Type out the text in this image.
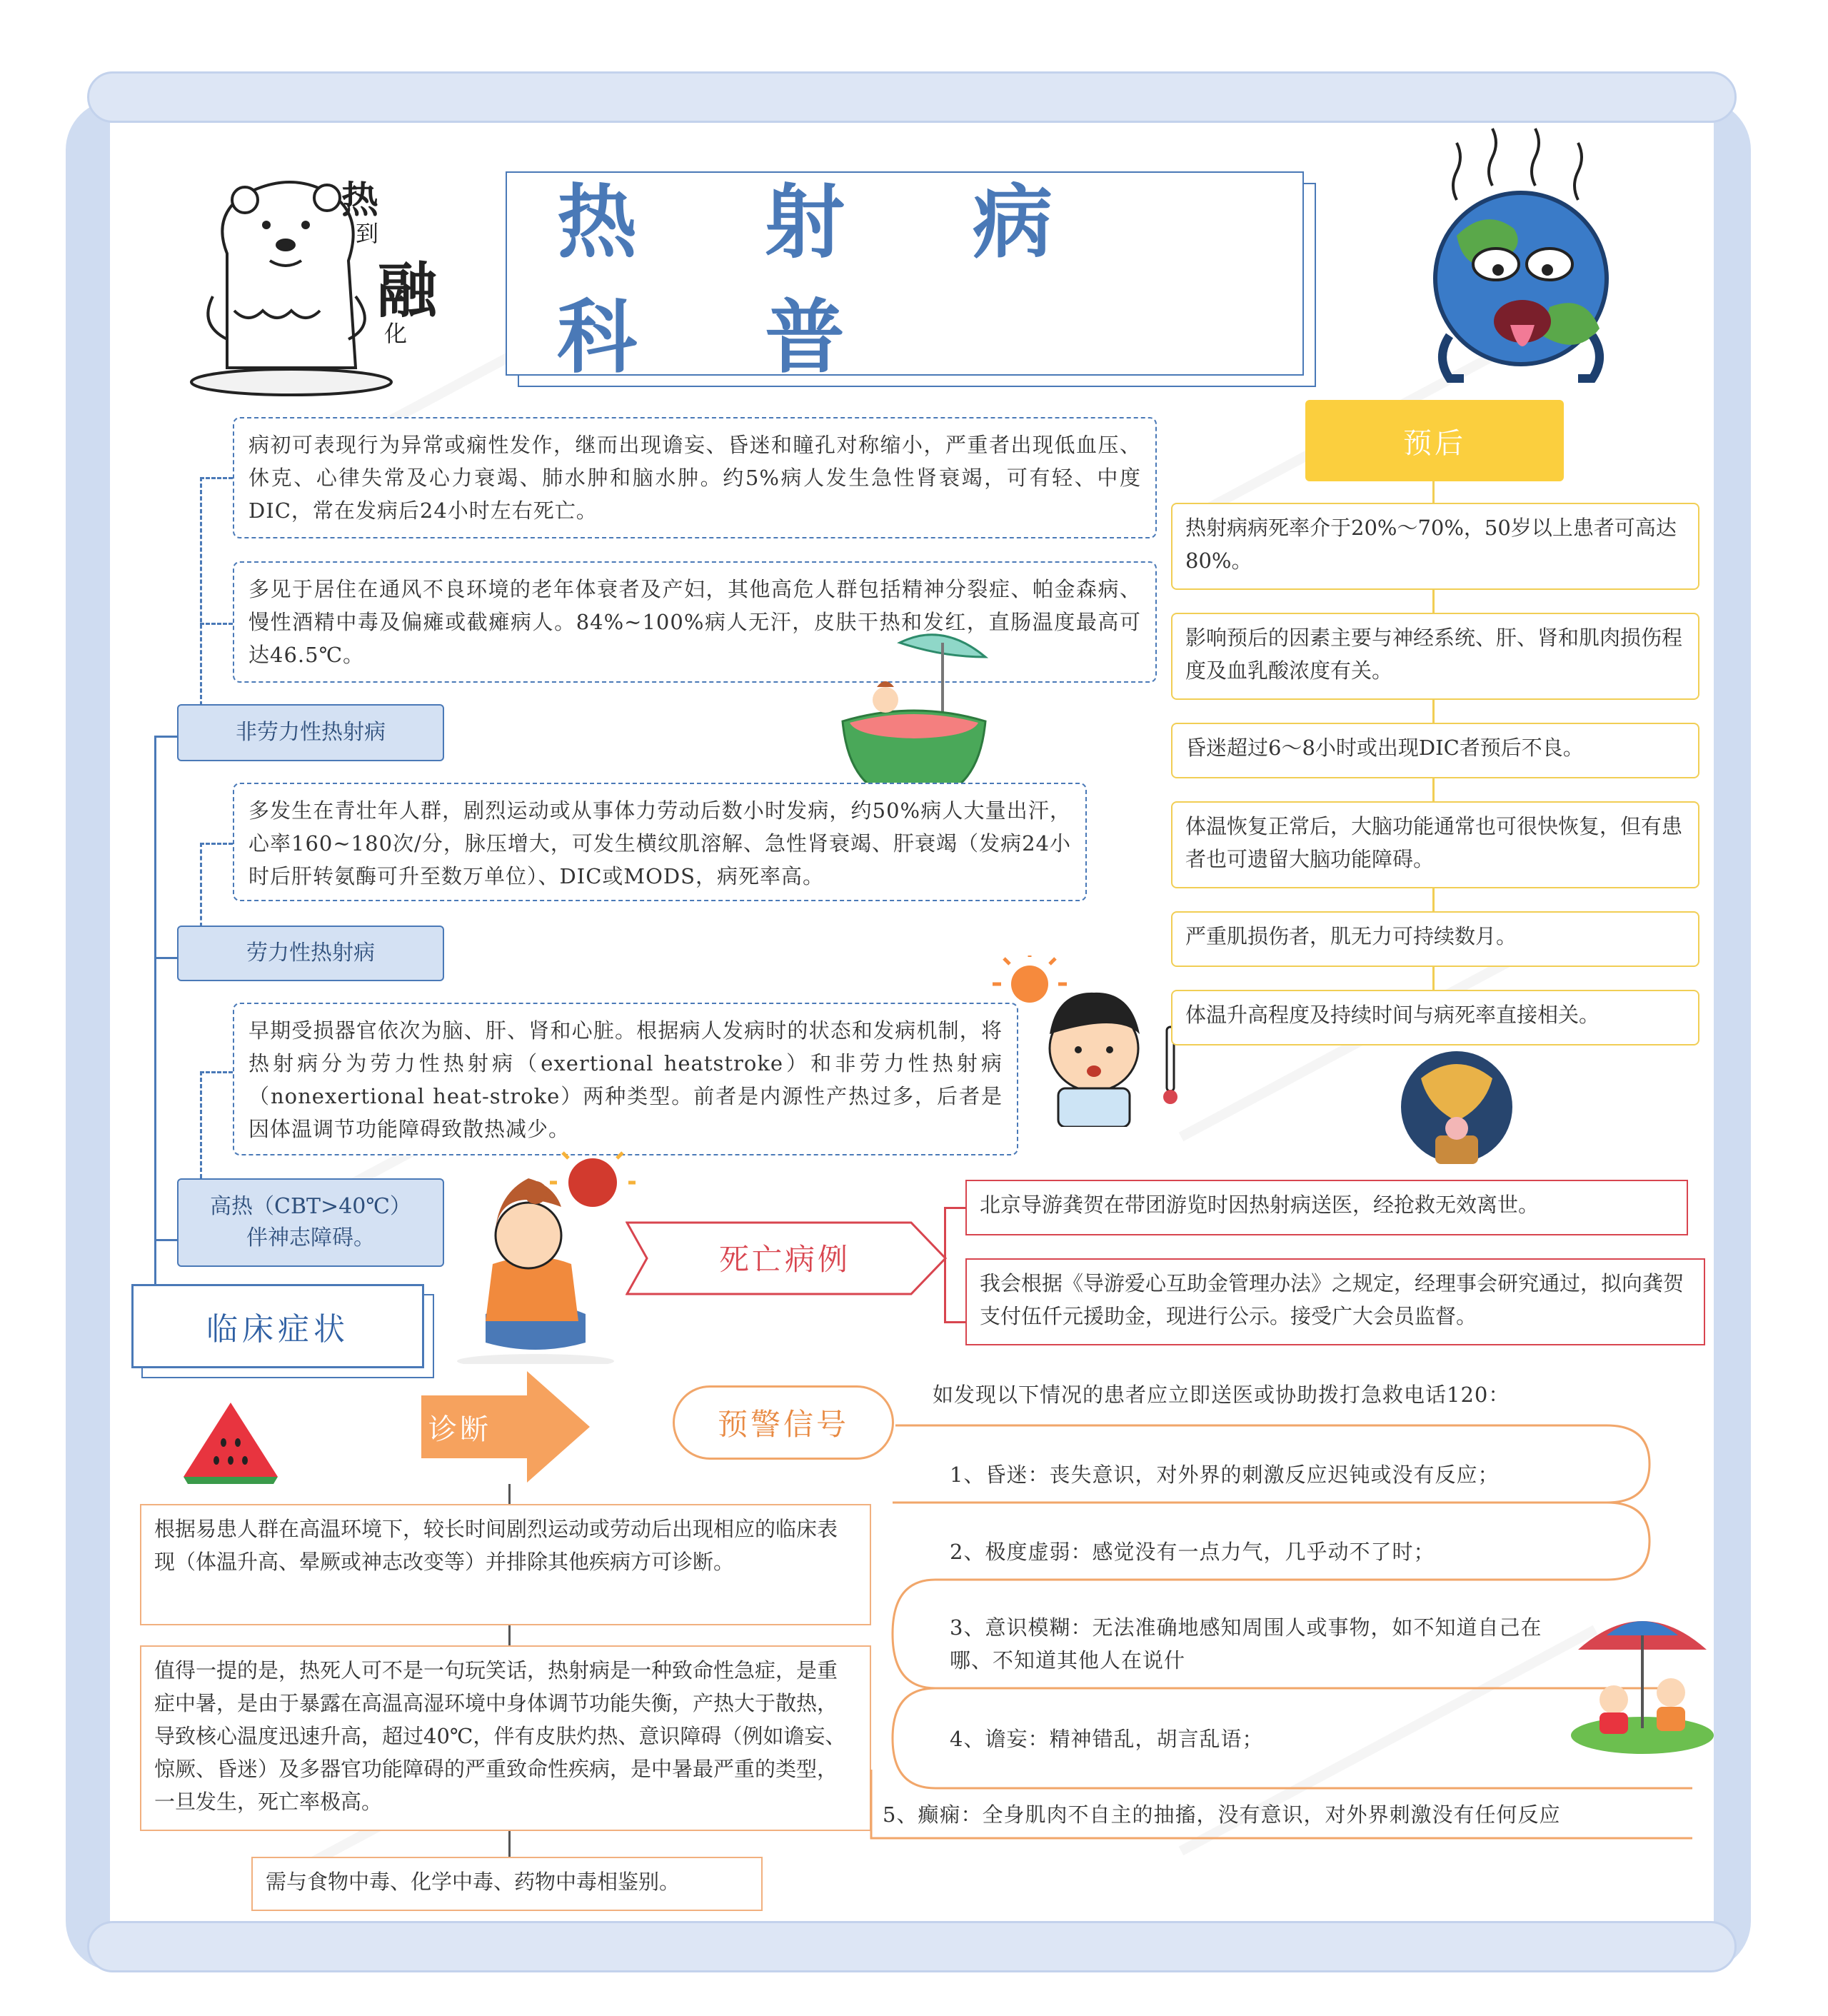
热
到
融
化
热 射 病 科 普
病初可表现行为异常或痫性发作，继而出现谵妄、昏迷和瞳孔对称缩小，严重者出现低血压、休克、心律失常及心力衰竭、肺水肿和脑水肿。约5%病人发生急性肾衰竭，可有轻、中度DIC，常在发病后24小时左右死亡。
多见于居住在通风不良环境的老年体衰者及产妇，其他高危人群包括精神分裂症、帕金森病、慢性酒精中毒及偏瘫或截瘫病人。84%~100%病人无汗，皮肤干热和发红，直肠温度最高可达46.5℃。
非劳力性热射病
多发生在青壮年人群，剧烈运动或从事体力劳动后数小时发病，约50%病人大量出汗，心率160~180次/分，脉压增大，可发生横纹肌溶解、急性肾衰竭、肝衰竭（发病24小时后肝转氨酶可升至数万单位）、DIC或MODS，病死率高。
劳力性热射病
早期受损器官依次为脑、肝、肾和心脏。根据病人发病时的状态和发病机制，将热射病分为劳力性热射病（exertional heatstroke）和非劳力性热射病（nonexertional heat-stroke）两种类型。前者是内源性产热过多，后者是因体温调节功能障碍致散热减少。
高热（CBT>40℃）伴神志障碍。
临床症状
预后
热射病病死率介于20%～70%，50岁以上患者可高达80%。
影响预后的因素主要与神经系统、肝、肾和肌肉损伤程度及血乳酸浓度有关。
昏迷超过6～8小时或出现DIC者预后不良。
体温恢复正常后，大脑功能通常也可很快恢复，但有患者也可遗留大脑功能障碍。
严重肌损伤者，肌无力可持续数月。
体温升高程度及持续时间与病死率直接相关。
死亡病例
北京导游龚贺在带团游览时因热射病送医，经抢救无效离世。
我会根据《导游爱心互助金管理办法》之规定，经理事会研究通过，拟向龚贺支付伍仟元援助金，现进行公示。接受广大会员监督。
诊断
根据易患人群在高温环境下，较长时间剧烈运动或劳动后出现相应的临床表现（体温升高、晕厥或神志改变等）并排除其他疾病方可诊断。
值得一提的是，热死人可不是一句玩笑话，热射病是一种致命性急症，是重症中暑，是由于暴露在高温高湿环境中身体调节功能失衡，产热大于散热，导致核心温度迅速升高，超过40℃，伴有皮肤灼热、意识障碍（例如谵妄、惊厥、昏迷）及多器官功能障碍的严重致命性疾病，是中暑最严重的类型，一旦发生，死亡率极高。
需与食物中毒、化学中毒、药物中毒相鉴别。
预警信号
如发现以下情况的患者应立即送医或协助拨打急救电话120：
1、昏迷：丧失意识，对外界的刺激反应迟钝或没有反应；
2、极度虚弱：感觉没有一点力气，几乎动不了时；
3、意识模糊：无法准确地感知周围人或事物，如不知道自己在哪、不知道其他人在说什
4、谵妄：精神错乱，胡言乱语；
5、癫痫：全身肌肉不自主的抽搐，没有意识，对外界刺激没有任何反应
